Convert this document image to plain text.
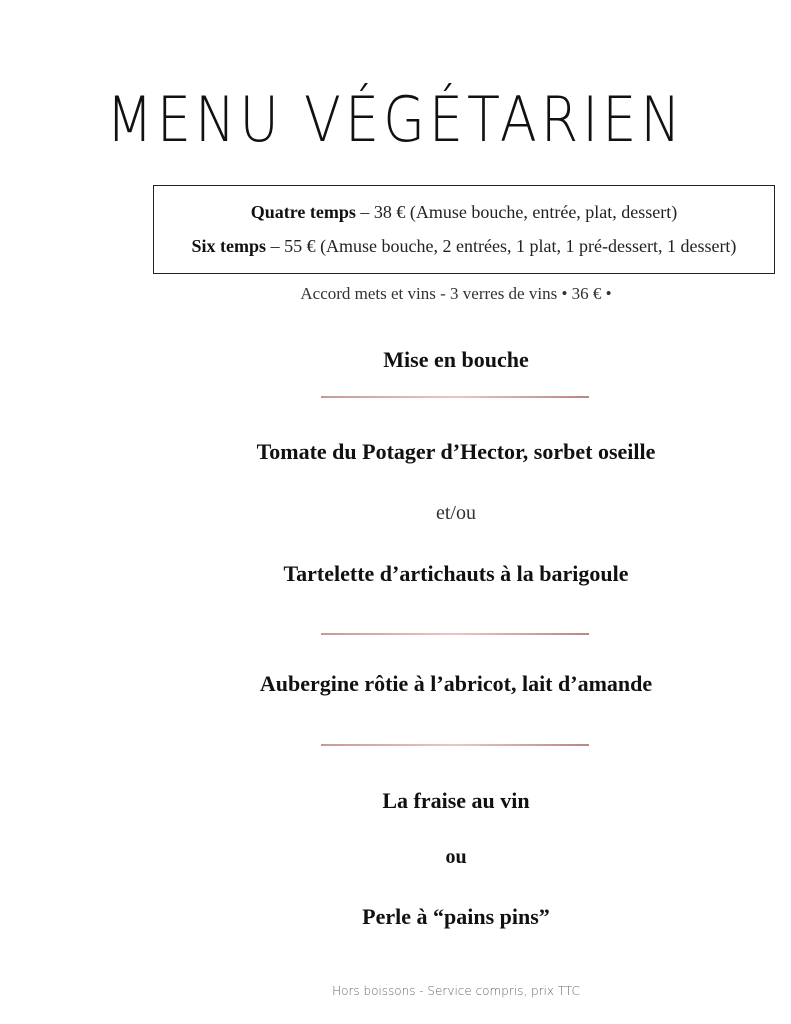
MENU VÉGÉTARIEN
Quatre temps – 38 € (Amuse bouche, entrée, plat, dessert)
Six temps – 55 € (Amuse bouche, 2 entrées, 1 plat, 1 pré-dessert, 1 dessert)
Accord mets et vins - 3 verres de vins • 36 € •
Mise en bouche
Tomate du Potager d’Hector, sorbet oseille
et/ou
Tartelette d’artichauts à la barigoule
Aubergine rôtie à l’abricot, lait d’amande
La fraise au vin
ou
Perle à “pains pins”
Hors boissons - Service compris, prix TTC
